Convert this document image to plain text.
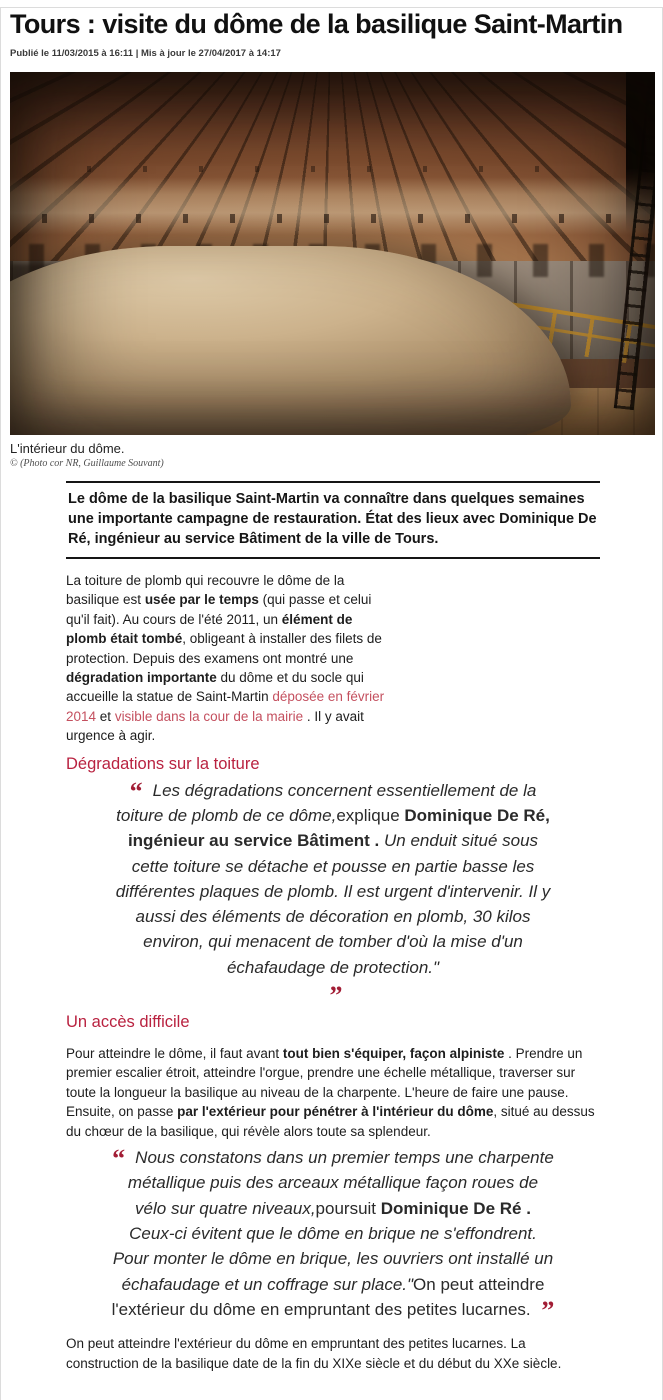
Tours : visite du dôme de la basilique Saint-Martin
Publié le 11/03/2015 à 16:11 | Mis à jour le 27/04/2017 à 14:17
L'intérieur du dôme.
© (Photo cor NR, Guillaume Souvant)
Le dôme de la basilique Saint-Martin va connaître dans quelques semaines une importante campagne de restauration. État des lieux avec Dominique De Ré, ingénieur au service Bâtiment de la ville de Tours.

La toiture de plomb qui recouvre le dôme de la basilique est usée par le temps (qui passe et celui qu'il fait). Au cours de l'été 2011, un élément de plomb était tombé, obligeant à installer des filets de protection. Depuis des examens ont montré une dégradation importante du dôme et du socle qui accueille la statue de Saint-Martin déposée en février 2014 et visible dans la cour de la mairie . Il y avait urgence à agir.

Dégradations sur la toiture
“ Les dégradations concernent essentiellement de la toiture de plomb de ce dôme,explique Dominique De Ré, ingénieur au service Bâtiment . Un enduit situé sous cette toiture se détache et pousse en partie basse les différentes plaques de plomb. Il est urgent d'intervenir. Il y aussi des éléments de décoration en plomb, 30 kilos environ, qui menacent de tomber d'où la mise d'un échafaudage de protection."
”
Un accès difficile

Pour atteindre le dôme, il faut avant tout bien s'équiper, façon alpiniste . Prendre un premier escalier étroit, atteindre l'orgue, prendre une échelle métallique, traverser sur toute la longueur la basilique au niveau de la charpente. L'heure de faire une pause. Ensuite, on passe par l'extérieur pour pénétrer à l'intérieur du dôme, situé au dessus du chœur de la basilique, qui révèle alors toute sa splendeur.

“ Nous constatons dans un premier temps une charpente métallique puis des arceaux métallique façon roues de vélo sur quatre niveaux,poursuit Dominique De Ré . Ceux-ci évitent que le dôme en brique ne s'effondrent. Pour monter le dôme en brique, les ouvriers ont installé un échafaudage et un coffrage sur place."On peut atteindre l'extérieur du dôme en empruntant des petites lucarnes. ”

On peut atteindre l'extérieur du dôme en empruntant des petites lucarnes. La construction de la basilique date de la fin du XIXe siècle et du début du XXe siècle.
